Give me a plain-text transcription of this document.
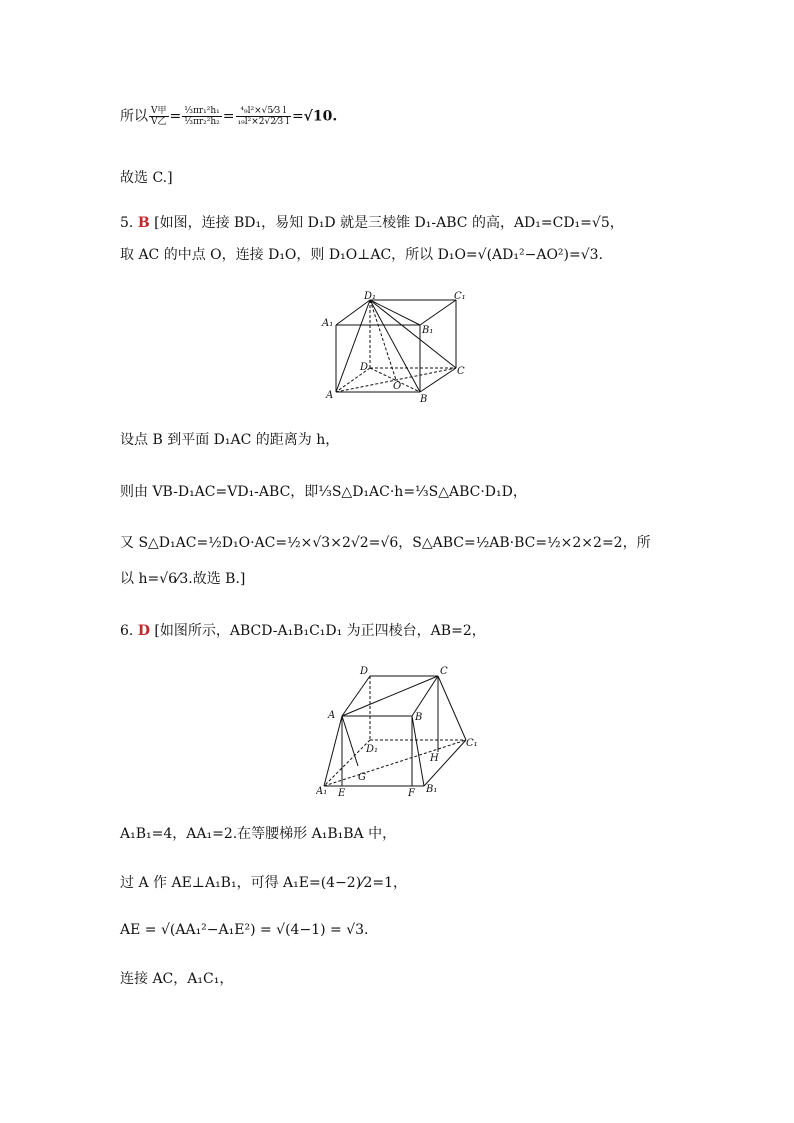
所以 V甲
V乙 = $\frac{\text{⅓πr₁²h₁}}{\text{⅓πr₂²h₂}} = \frac{\text{⁴₉l²×√5⁄3 l}}{\text{₁₉l²×2√2⁄3 l}} =√10$.
故选 C.]
5. B [如图，连接 BD₁，易知 D₁D 就是三棱锥 D₁-ABC 的高，AD₁=CD₁=√5，
取 AC 的中点 O，连接 D₁O，则 D₁O⊥AC，所以 D₁O=√(AD₁²−AO²)=√3.
D₁	C₁
A₁
B₁
D	C
O
A	B
设点 B 到平面 D₁AC 的距离为 h，
则由 VB-D₁AC=VD₁-ABC，即⅓S△D₁AC·h=⅓S△ABC·D₁D，
又 S△D₁AC=½D₁O·AC=½×√3×2√2=√6，S△ABC=½AB·BC=½×2×2=2，所
以 h=√6⁄3.故选 B.]
6. D [如图所示，ABCD-A₁B₁C₁D₁ 为正四棱台，AB=2，
D	C
A	B
D₁
C₁
H
G
A₁ E	F B₁
A₁B₁=4，AA₁=2.在等腰梯形 A₁B₁BA 中，
过 A 作 AE⊥A₁B₁，可得 A₁E=(4−2)⁄2=1，
AE = √(AA₁²−A₁E²) = √(4−1) = √3.
连接 AC，A₁C₁，
